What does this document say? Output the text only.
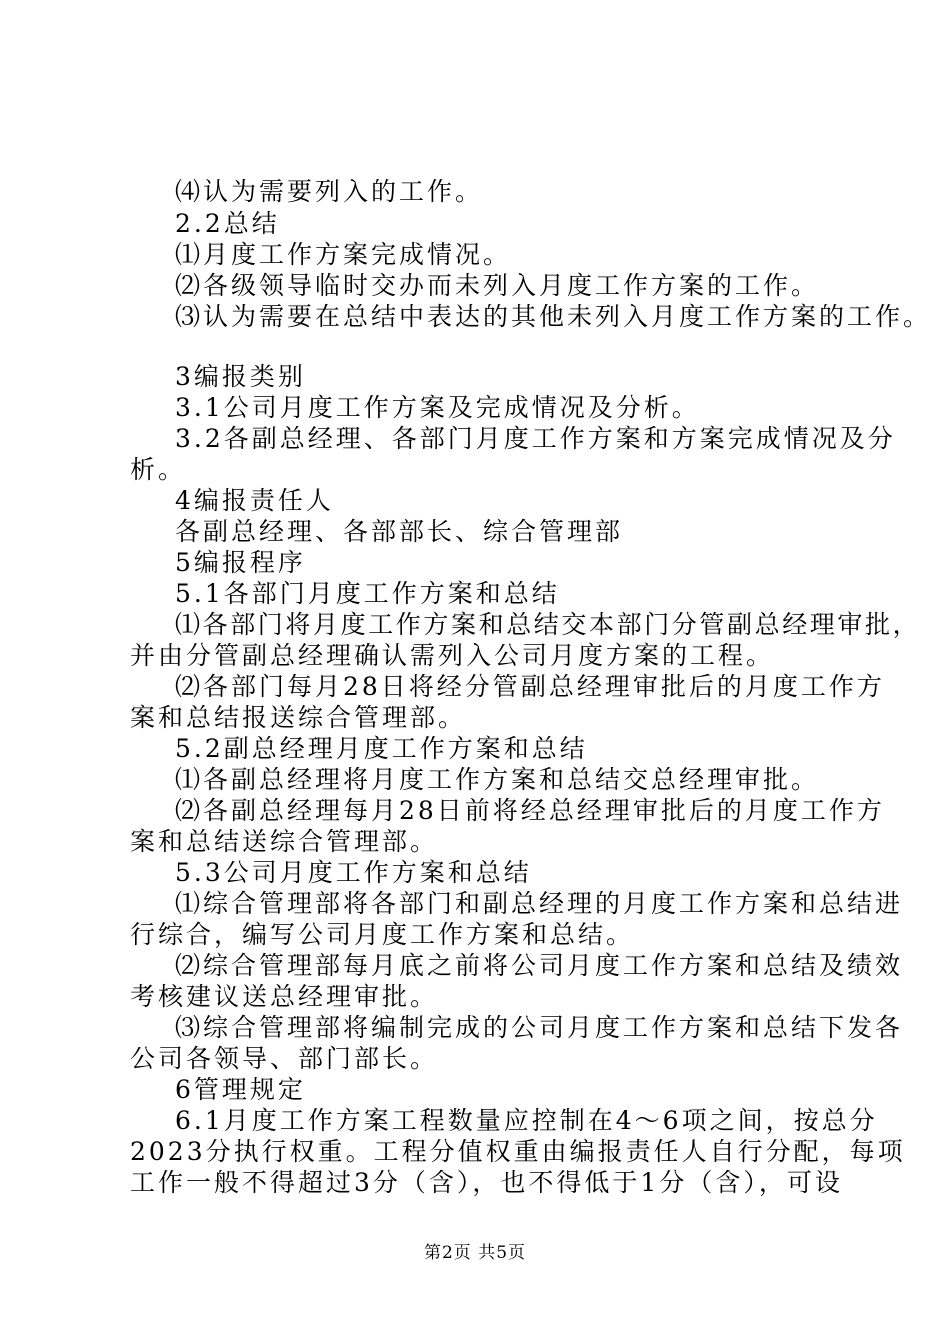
⑷认为需要列入的工作。
2.2总结
⑴月度工作方案完成情况。
⑵各级领导临时交办而未列入月度工作方案的工作。
⑶认为需要在总结中表达的其他未列入月度工作方案的工作。
3编报类别
3.1公司月度工作方案及完成情况及分析。
3.2各副总经理、各部门月度工作方案和方案完成情况及分
析。
4编报责任人
各副总经理、各部部长、综合管理部
5编报程序
5.1各部门月度工作方案和总结
⑴各部门将月度工作方案和总结交本部门分管副总经理审批，
并由分管副总经理确认需列入公司月度方案的工程。
⑵各部门每月28日将经分管副总经理审批后的月度工作方
案和总结报送综合管理部。
5.2副总经理月度工作方案和总结
⑴各副总经理将月度工作方案和总结交总经理审批。
⑵各副总经理每月28日前将经总经理审批后的月度工作方
案和总结送综合管理部。
5.3公司月度工作方案和总结
⑴综合管理部将各部门和副总经理的月度工作方案和总结进
行综合，编写公司月度工作方案和总结。
⑵综合管理部每月底之前将公司月度工作方案和总结及绩效
考核建议送总经理审批。
⑶综合管理部将编制完成的公司月度工作方案和总结下发各
公司各领导、部门部长。
6管理规定
6.1月度工作方案工程数量应控制在4～6项之间，按总分
2023分执行权重。工程分值权重由编报责任人自行分配，每项
工作一般不得超过3分（含），也不得低于1分（含），可设
第2页 共5页
